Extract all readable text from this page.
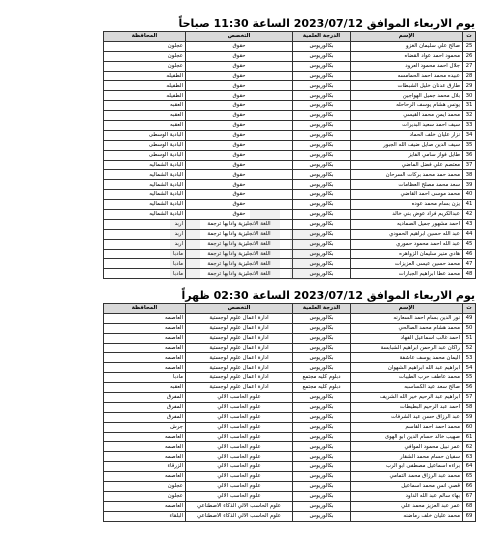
يوم الاربعاء الموافق 2023/07/12 الساعة 11:30 صباحاً
ت	الإسم	الدرجة العلمية	التخصص	المحافظة
25	صالح علي سليمان الغزو	بكالوريوس	حقوق	عجلون
26	محمود احمد عواد القضاه	بكالوريوس	حقوق	عجلون
27	جلال احمد محمود العرود	بكالوريوس	حقوق	عجلون
28	عبيده محمد احمد الحمامسه	بكالوريوس	حقوق	الطفيله
29	طارق عدنان خليل الشبطات	بكالوريوس	حقوق	الطفيله
30	بلال محمد جميل الهواجين	بكالوريوس	حقوق	الطفيله
31	يونس هشام يوسف الرحاحله	بكالوريوس	حقوق	العقبه
32	محمد ايمن محمد القيسي	بكالوريوس	حقوق	العقبه
33	سيف احمد سعيد البديرات	بكالوريوس	حقوق	العقبه
34	نزار عليان خلف الحماد	بكالوريوس	حقوق	البادية الوسطى
35	سيف الدين صايل ضيف الله الجبور	بكالوريوس	حقوق	البادية الوسطى
36	طايل فواز سامي الفايز	بكالوريوس	حقوق	البادية الوسطى
37	معتصم علي فضل الماضي	بكالوريوس	حقوق	البادية الشماليه
38	محمد حمد محمد بركات السرحان	بكالوريوس	حقوق	البادية الشماليه
39	سعد محمد مصلح العظامات	بكالوريوس	حقوق	البادية الشماليه
40	محمد موسى احمد القاضي	بكالوريوس	حقوق	البادية الشماليه
41	يزن بسام محمد عوده	بكالوريوس	حقوق	البادية الشماليه
42	عبدالكريم فراد عوض بني خالد	بكالوريوس	حقوق	البادية الشماليه
43	احمد مشهور جميل الصماديه	بكالوريوس	اللغة الانجليزية وادابها ترجمة	اربد
44	عبد الله حسين ابراهيم الحمودي	بكالوريوس	اللغة الانجليزية وادابها ترجمة	اربد
45	عبد الله احمد محمود حموري	بكالوريوس	اللغة الانجليزية وادابها ترجمة	اربد
46	هادي منير سليمان الزواهره	بكالوريوس	اللغة الانجليزية وادابها ترجمة	مادبا
47	محمد حسين عيسى العزيزات	بكالوريوس	اللغة الانجليزية وادابها ترجمة	مادبا
48	محمد عطا ابراهيم الجبارات	بكالوريوس	اللغة الانجليزية وادابها ترجمة	مادبا
يوم الاربعاء الموافق 2023/07/12 الساعة 02:30 ظهراً
ت	الإسم	الدرجة العلمية	التخصص	المحافظة
49	نور الدين بسام احمد السعارنه	بكالوريوس	ادارة اعمال علوم لوجستية	العاصمه
50	محمد هشام محمد الصالحي	بكالوريوس	ادارة اعمال علوم لوجستية	العاصمه
51	احمد غالب اسماعيل الفهاد	بكالوريوس	ادارة اعمال علوم لوجستية	العاصمه
52	راكان عبد الرحمن ابراهيم الشبابسة	بكالوريوس	ادارة اعمال علوم لوجستية	العاصمه
53	اليمان محمد يوسف عاشفة	بكالوريوس	ادارة اعمال علوم لوجستية	العاصمه
54	ابراهيم عبد الله ابراهيم الشهوان	بكالوريوس	ادارة اعمال علوم لوجستية	العاصمه
55	محمد عاطف حرب الطيبات	دبلوم كليه مجتمع	ادارة اعمال علوم لوجستية	مادبا
56	صالح سعد عيد الكساسبه	دبلوم كليه مجتمع	ادارة اعمال علوم لوجستية	العقبه
57	ابراهيم عبد الرحيم خير الله الشريف	بكالوريوس	علوم الحاسب الالي	المفرق
58	احمد عبد الرحيم البطيطات	بكالوريوس	علوم الحاسب الالي	المفرق
59	عبد الرزاق حسن عيد الشرفات	بكالوريوس	علوم الحاسب الالي	المفرق
60	محمد احمد احمد القاسم	بكالوريوس	علوم الحاسب الالي	جرش
61	صهيب خالد حسام الدين ابو الهوى	بكالوريوس	علوم الحاسب الالي	العاصمه
62	عمر نبيل محمود الموافي	بكالوريوس	علوم الحاسب الالي	العاصمه
63	سفيان حسام محمد الشقار	بكالوريوس	علوم الحاسب الالي	العاصمه
64	براءه اسماعيل مصطفى ابو الرب	بكالوريوس	علوم الحاسب الالي	الزرقاء
65	محمد عبد الرزاق محمد التمامي	بكالوريوس	علوم الحاسب الالي	العاصمه
66	قصي انس محمد اسماعيل	بكالوريوس	علوم الحاسب الالي	عجلون
67	بهاء سالم عبد الله الداود	بكالوريوس	علوم الحاسب الالي	عجلون
68	عمر عبد العزيز محمد علي	بكالوريوس	علوم الحاسب الالي الذكاء الاصطناعي	العاصمه
69	محمد عليان خلف رماضنه	بكالوريوس	علوم الحاسب الالي الذكاء الاصطناعي	البلقاء
